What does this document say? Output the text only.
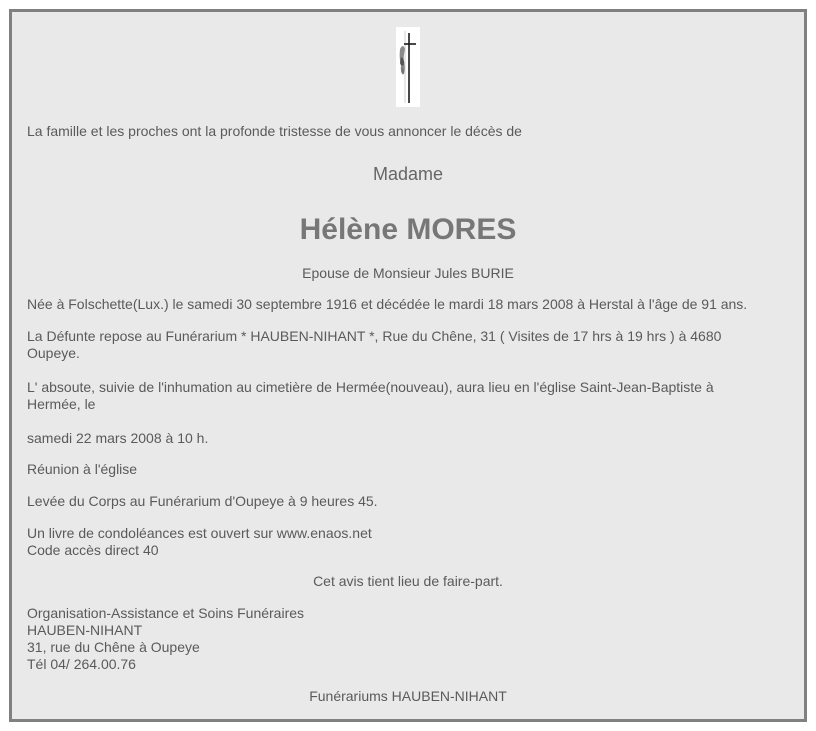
La famille et les proches ont la profonde tristesse de vous annoncer le décès de
Madame
Hélène MORES
Epouse de Monsieur Jules BURIE
Née à Folschette(Lux.) le samedi 30 septembre 1916 et décédée le mardi 18 mars 2008 à Herstal à l'âge de 91 ans.
La Défunte repose au Funérarium * HAUBEN-NIHANT *, Rue du Chêne, 31 ( Visites de 17 hrs à 19 hrs ) à 4680
Oupeye.
L' absoute, suivie de l'inhumation au cimetière de Hermée(nouveau), aura lieu en l'église Saint-Jean-Baptiste à
Hermée, le
samedi 22 mars 2008 à 10 h.
Réunion à l'église
Levée du Corps au Funérarium d'Oupeye à 9 heures 45.
Un livre de condoléances est ouvert sur www.enaos.net
Code accès direct 40
Cet avis tient lieu de faire-part.
Organisation-Assistance et Soins Funéraires
HAUBEN-NIHANT
31, rue du Chêne à Oupeye
Tél 04/ 264.00.76
Funérariums HAUBEN-NIHANT
